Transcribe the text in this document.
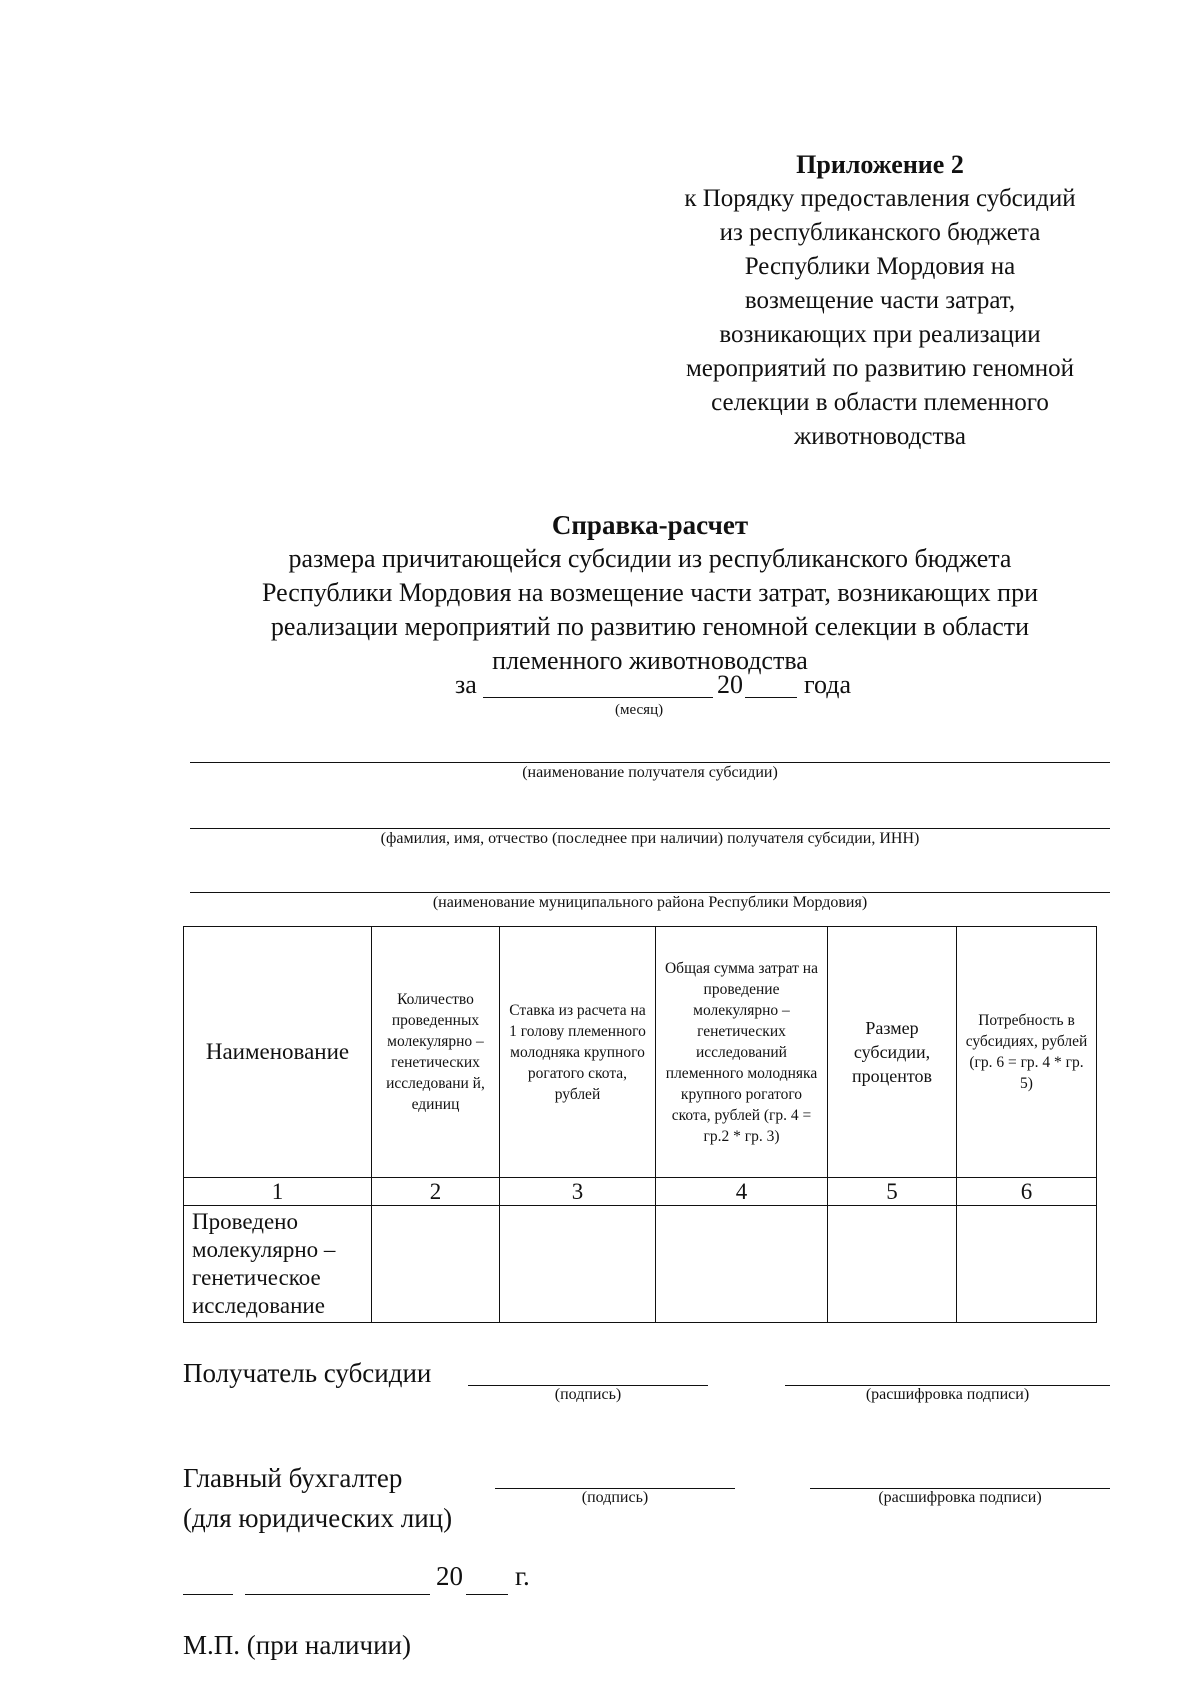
Приложение 2
к Порядку предоставления субсидий
из республиканского бюджета
Республики Мордовия на
возмещение части затрат,
возникающих при реализации
мероприятий по развитию геномной
селекции в области племенного
животноводства
Справка-расчет
размера причитающейся субсидии из республиканского бюджета
Республики Мордовия на возмещение части затрат, возникающих при
реализации мероприятий по развитию геномной селекции в области
племенного животноводства
за	20 года
(месяц)
(наименование получателя субсидии)
(фамилия, имя, отчество (последнее при наличии) получателя субсидии, ИНН)
(наименование муниципального района Республики Мордовия)
Наименование	Количество проведенных молекулярно – генетических исследовани й, единиц	Ставка из расчета на 1 голову племенного молодняка крупного рогатого скота, рублей	Общая сумма затрат на проведение молекулярно – генетических исследований племенного молодняка крупного рогатого скота, рублей (гр. 4 = гр.2 * гр. 3)	Размер субсидии, процентов	Потребность в субсидиях, рублей (гр. 6 = гр. 4 * гр. 5)
1	2	3	4	5	6
Проведено молекулярно – генетическое исследование					
Получатель субсидии
(подпись)	(расшифровка подписи)
Главный бухгалтер
(для юридических лиц)
(подпись)	(расшифровка подписи)
20 г.
М.П. (при наличии)
